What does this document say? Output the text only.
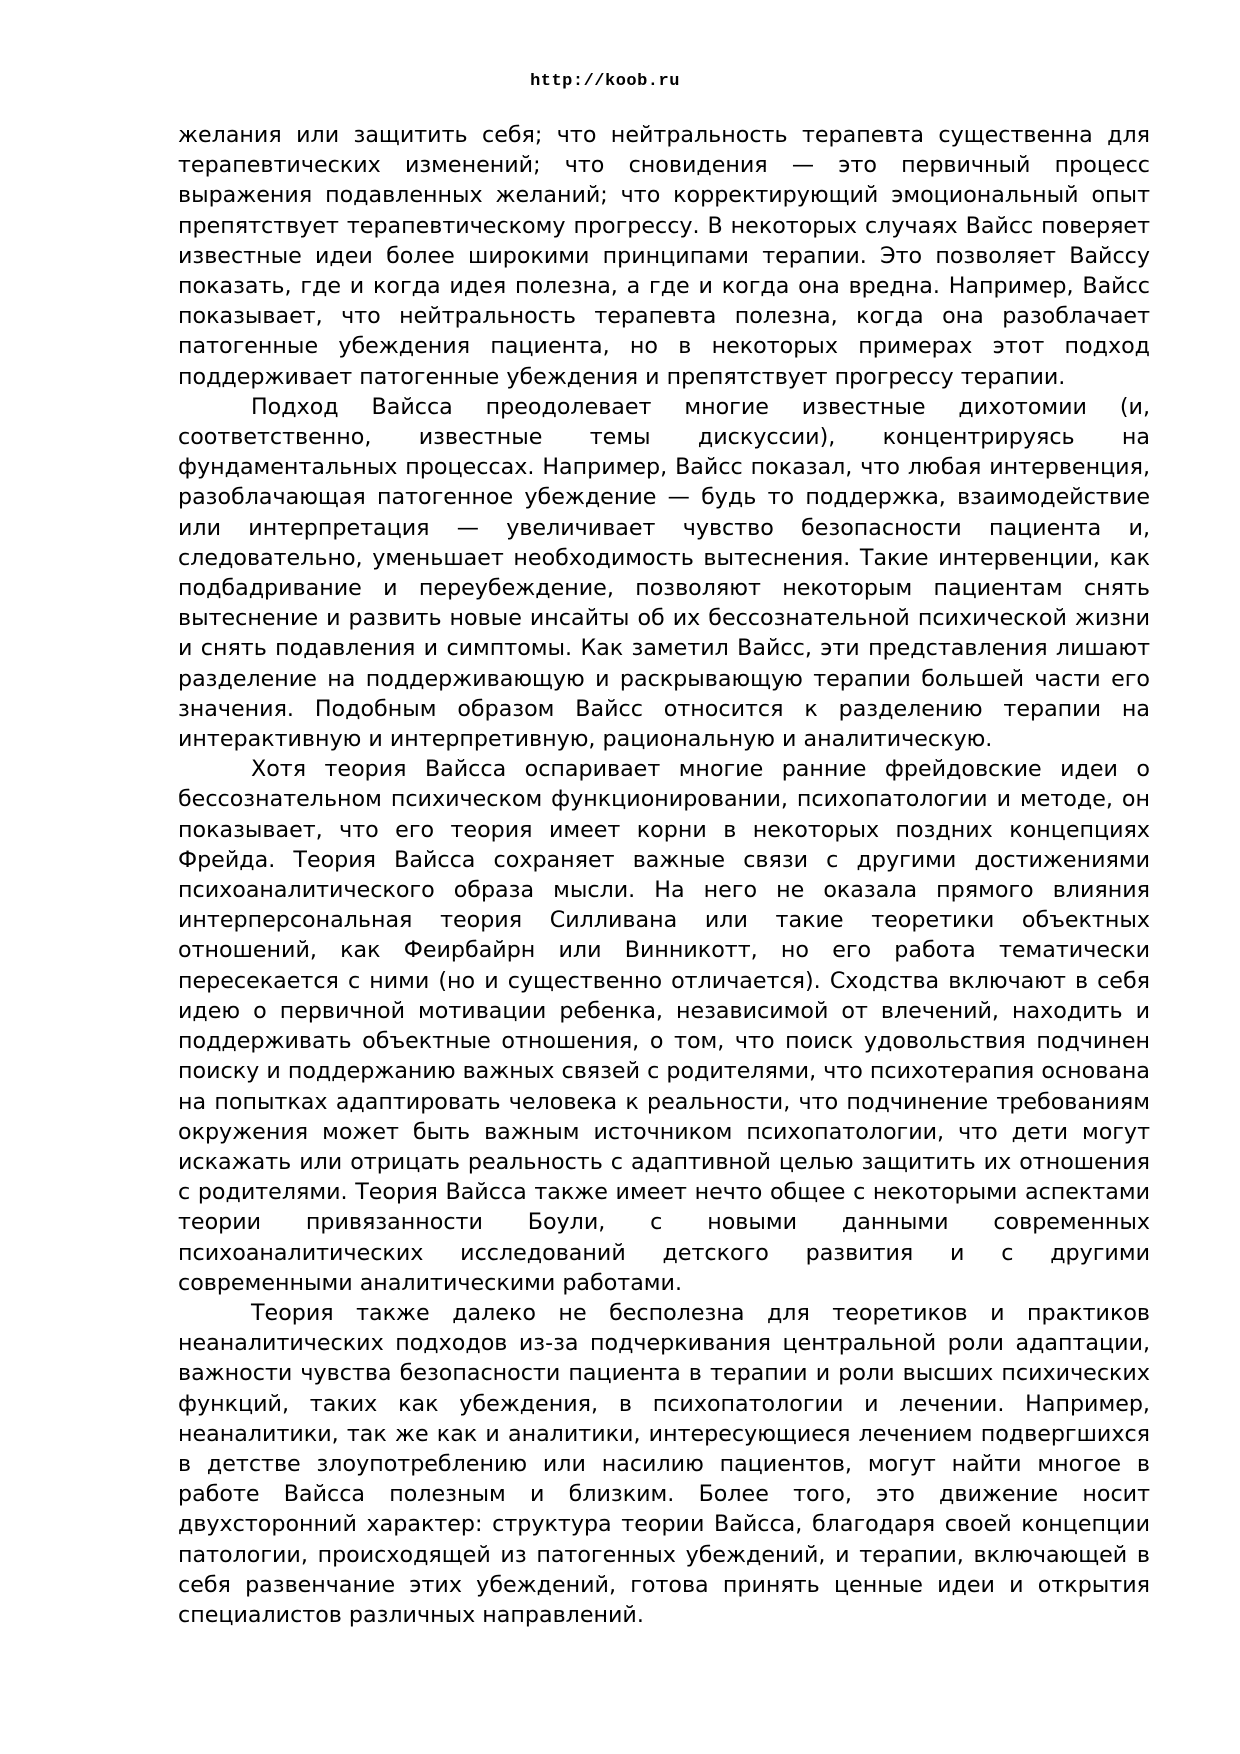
http://koob.ru

желания или защитить себя; что нейтральность терапевта существенна для терапевтических изменений; что сновидения — это первичный процесс выражения подавленных желаний; что корректирующий эмоциональный опыт препятствует терапевтическому прогрессу. В некоторых случаях Вайсс поверяет известные идеи более широкими принципами терапии. Это позволяет Вайссу показать, где и когда идея полезна, а где и когда она вредна. Например, Вайсс показывает, что нейтральность терапевта полезна, когда она разоблачает патогенные убеждения пациента, но в некоторых примерах этот подход поддерживает патогенные убеждения и препятствует прогрессу терапии.

Подход Вайсса преодолевает многие известные дихотомии (и, соответственно, известные темы дискуссии), концентрируясь на фундаментальных процессах. Например, Вайсс показал, что любая интервенция, разоблачающая патогенное убеждение — будь то поддержка, взаимодействие или интерпретация — увеличивает чувство безопасности пациента и, следовательно, уменьшает необходимость вытеснения. Такие интервенции, как подбадривание и переубеждение, позволяют некоторым пациентам снять вытеснение и развить новые инсайты об их бессознательной психической жизни и снять подавления и симптомы. Как заметил Вайсс, эти представления лишают разделение на поддерживающую и раскрывающую терапии большей части его значения. Подобным образом Вайсс относится к разделению терапии на интерактивную и интерпретивную, рациональную и аналитическую.

Хотя теория Вайсса оспаривает многие ранние фрейдовские идеи о бессознательном психическом функционировании, психопатологии и методе, он показывает, что его теория имеет корни в некоторых поздних концепциях Фрейда. Теория Вайсса сохраняет важные связи с другими достижениями психоаналитического образа мысли. На него не оказала прямого влияния интерперсональная теория Силливана или такие теоретики объектных отношений, как Феирбайрн или Винникотт, но его работа тематически пересекается с ними (но и существенно отличается). Сходства включают в себя идею о первичной мотивации ребенка, независимой от влечений, находить и поддерживать объектные отношения, о том, что поиск удовольствия подчинен поиску и поддержанию важных связей с родителями, что психотерапия основана на попытках адаптировать человека к реальности, что подчинение требованиям окружения может быть важным источником психопатологии, что дети могут искажать или отрицать реальность с адаптивной целью защитить их отношения с родителями. Теория Вайсса также имеет нечто общее с некоторыми аспектами теории привязанности Боули, с новыми данными современных психоаналитических исследований детского развития и с другими современными аналитическими работами.

Теория также далеко не бесполезна для теоретиков и практиков неаналитических подходов из-за подчеркивания центральной роли адаптации, важности чувства безопасности пациента в терапии и роли высших психических функций, таких как убеждения, в психопатологии и лечении. Например, неаналитики, так же как и аналитики, интересующиеся лечением подвергшихся в детстве злоупотреблению или насилию пациентов, могут найти многое в работе Вайсса полезным и близким. Более того, это движение носит двухсторонний характер: структура теории Вайсса, благодаря своей концепции патологии, происходящей из патогенных убеждений, и терапии, включающей в себя развенчание этих убеждений, готова принять ценные идеи и открытия специалистов различных направлений.
